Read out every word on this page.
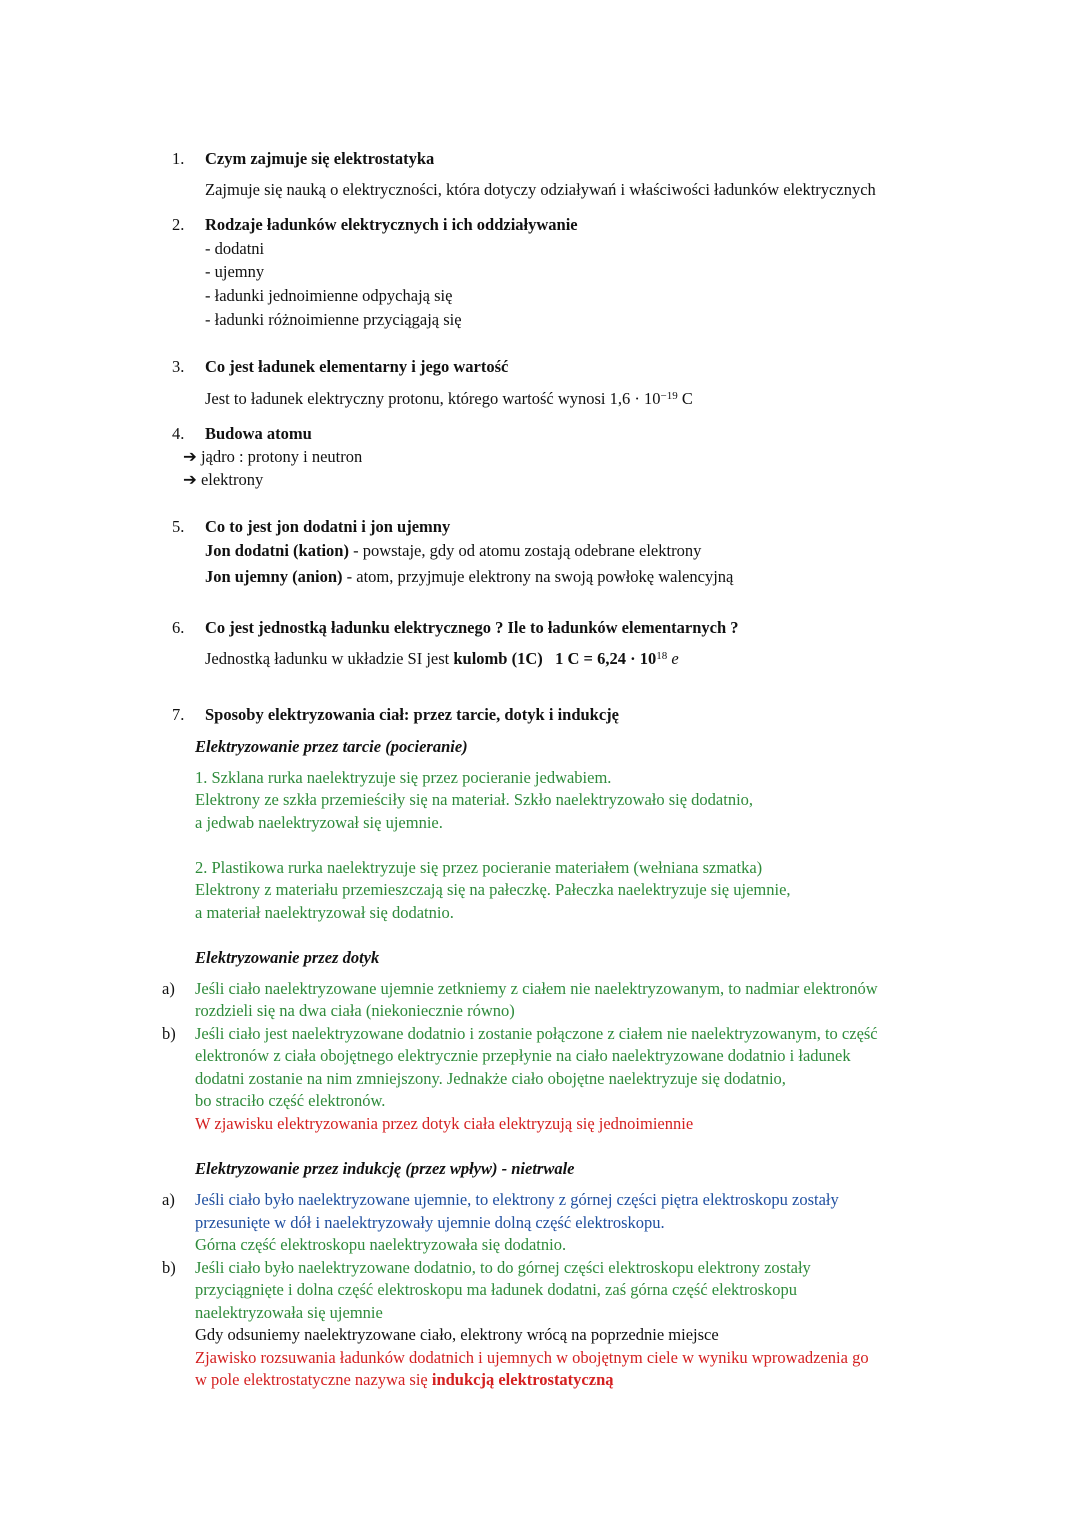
1. Czym zajmuje się elektrostatyka
Zajmuje się nauką o elektryczności, która dotyczy odziaływań i właściwości ładunków elektrycznych
2. Rodzaje ładunków elektrycznych i ich oddziaływanie
- dodatni
- ujemny
- ładunki jednoimienne odpychają się
- ładunki różnoimienne przyciągają się
3. Co jest ładunek elementarny i jego wartość
Jest to ładunek elektryczny protonu, którego wartość wynosi $1,6 \cdot 10^{-19}$ C
4. Budowa atomu
➔ jądro : protony i neutron
➔ elektrony
5. Co to jest jon dodatni i jon ujemny
Jon dodatni (kation) - powstaje, gdy od atomu zostają odebrane elektrony
Jon ujemny (anion) - atom, przyjmuje elektrony na swoją powłokę walencyjną
6. Co jest jednostką ładunku elektrycznego ? Ile to ładunków elementarnych ?
Jednostką ładunku w układzie SI jest kulomb (1C) 1 $C = 6,24 \cdot 10^{18}$ e
7. Sposoby elektryzowania ciał: przez tarcie, dotyk i indukcję
Elektryzowanie przez tarcie (pocieranie)
1. Szklana rurka naelektryzuje się przez pocieranie jedwabiem.
Elektrony ze szkła przemieściły się na materiał. Szkło naelektryzowało się dodatnio,
a jedwab naelektryzował się ujemnie.
2. Plastikowa rurka naelektryzuje się przez pocieranie materiałem (wełniana szmatka)
Elektrony z materiału przemieszczają się na pałeczkę. Pałeczka naelektryzuje się ujemnie,
a materiał naelektryzował się dodatnio.
Elektryzowanie przez dotyk
a) Jeśli ciało naelektryzowane ujemnie zetkniemy z ciałem nie naelektryzowanym, to nadmiar elektronów
rozdzieli się na dwa ciała (niekoniecznie równo)
b) Jeśli ciało jest naelektryzowane dodatnio i zostanie połączone z ciałem nie naelektryzowanym, to część
elektronów z ciała obojętnego elektrycznie przepłynie na ciało naelektryzowane dodatnio i ładunek
dodatni zostanie na nim zmniejszony. Jednakże ciało obojętne naelektryzuje się dodatnio,
bo straciło część elektronów.
W zjawisku elektryzowania przez dotyk ciała elektryzują się jednoimiennie
Elektryzowanie przez indukcję (przez wpływ) - nietrwale
a) Jeśli ciało było naelektryzowane ujemnie, to elektrony z górnej części piętra elektroskopu zostały
przesunięte w dół i naelektryzowały ujemnie dolną część elektroskopu.
Górna część elektroskopu naelektryzowała się dodatnio.
b) Jeśli ciało było naelektryzowane dodatnio, to do górnej części elektroskopu elektrony zostały
przyciągnięte i dolna część elektroskopu ma ładunek dodatni, zaś górna część elektroskopu
naelektryzowała się ujemnie
Gdy odsuniemy naelektryzowane ciało, elektrony wrócą na poprzednie miejsce
Zjawisko rozsuwania ładunków dodatnich i ujemnych w obojętnym ciele w wyniku wprowadzenia go
w pole elektrostatyczne nazywa się indukcją elektrostatyczną
